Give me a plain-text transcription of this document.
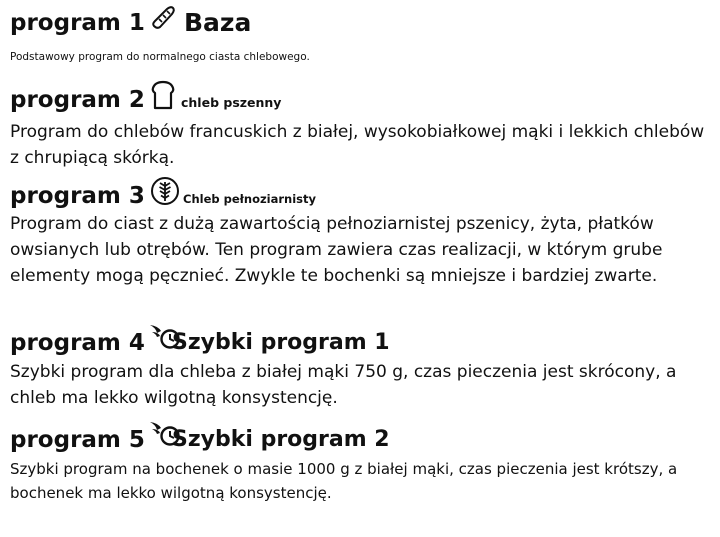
program 1 Baza
Podstawowy program do normalnego ciasta chlebowego.
program 2	chleb pszenny
Program do chlebów francuskich z białej, wysokobiałkowej mąki i lekkich chlebów z chrupiącą skórką.
program 3	Chleb pełnoziarnisty
Program do ciast z dużą zawartością pełnoziarnistej pszenicy, żyta, płatków owsianych lub otrębów. Ten program zawiera czas realizacji, w którym grube elementy mogą pęcznieć. Zwykle te bochenki są mniejsze i bardziej zwarte.
program 4 Szybki program 1
Szybki program dla chleba z białej mąki 750 g, czas pieczenia jest skrócony, a chleb ma lekko wilgotną konsystencję.
program 5 Szybki program 2
Szybki program na bochenek o masie 1000 g z białej mąki, czas pieczenia jest krótszy, a bochenek ma lekko wilgotną konsystencję.
